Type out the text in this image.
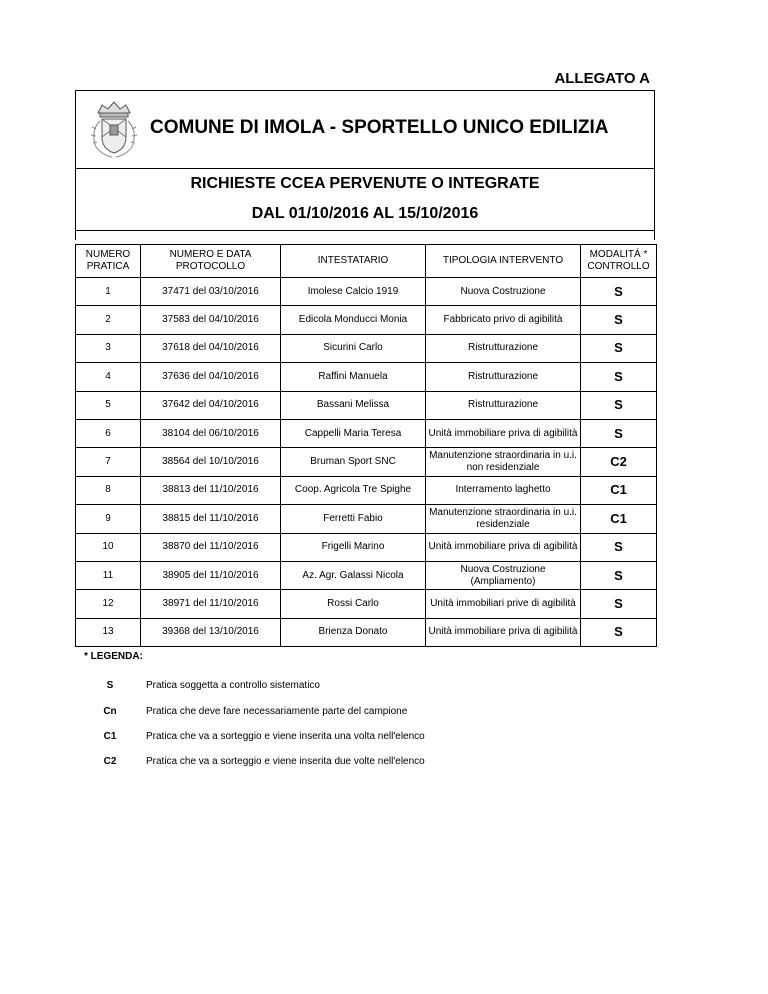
ALLEGATO A
COMUNE DI IMOLA - SPORTELLO UNICO EDILIZIA
RICHIESTE CCEA PERVENUTE O INTEGRATE
DAL 01/10/2016 AL 15/10/2016
NUMERO PRATICA	NUMERO E DATA PROTOCOLLO	INTESTATARIO	TIPOLOGIA INTERVENTO	MODALITÁ * CONTROLLO
1	37471 del 03/10/2016	Imolese Calcio 1919	Nuova Costruzione	S
2	37583 del 04/10/2016	Edicola Monducci Monia	Fabbricato privo di agibilità	S
3	37618 del 04/10/2016	Sicurini Carlo	Ristrutturazione	S
4	37636 del 04/10/2016	Raffini Manuela	Ristrutturazione	S
5	37642 del 04/10/2016	Bassani Melissa	Ristrutturazione	S
6	38104 del 06/10/2016	Cappelli Maria Teresa	Unità immobiliare priva di agibilità	S
7	38564 del 10/10/2016	Bruman Sport SNC	Manutenzione straordinaria in u.i. non residenziale	C2
8	38813 del 11/10/2016	Coop. Agricola Tre Spighe	Interramento laghetto	C1
9	38815 del 11/10/2016	Ferretti Fabio	Manutenzione straordinaria in u.i. residenziale	C1
10	38870 del 11/10/2016	Frigelli Marino	Unità immobiliare priva di agibilità	S
11	38905 del 11/10/2016	Az. Agr. Galassi Nicola	Nuova Costruzione (Ampliamento)	S
12	38971 del 11/10/2016	Rossi Carlo	Unità immobiliari prive di agibilità	S
13	39368 del 13/10/2016	Brienza Donato	Unità immobiliare priva di agibilità	S
* LEGENDA:
S	Pratica soggetta a controllo sistematico
Cn	Pratica che deve fare necessariamente parte del campione
C1	Pratica che va a sorteggio e viene inserita una volta nell'elenco
C2	Pratica che va a sorteggio e viene inserita due volte nell'elenco
